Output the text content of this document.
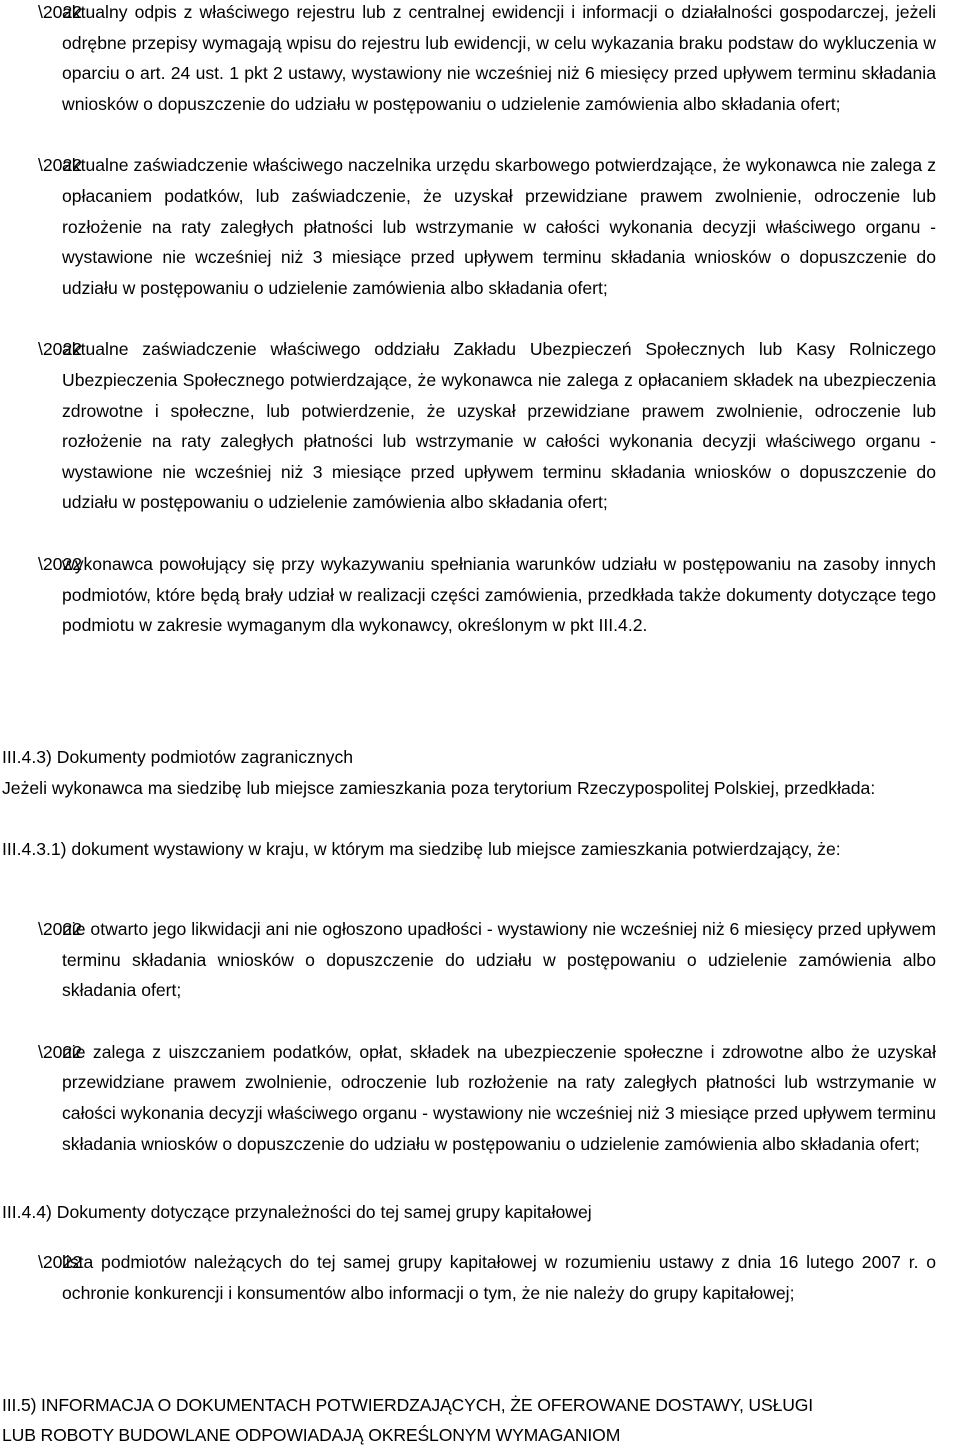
• aktualny odpis z właściwego rejestru lub z centralnej ewidencji i informacji o działalności gospodarczej, jeżeli odrębne przepisy wymagają wpisu do rejestru lub ewidencji, w celu wykazania braku podstaw do wykluczenia w oparciu o art. 24 ust. 1 pkt 2 ustawy, wystawiony nie wcześniej niż 6 miesięcy przed upływem terminu składania wniosków o dopuszczenie do udziału w postępowaniu o udzielenie zamówienia albo składania ofert;
• aktualne zaświadczenie właściwego naczelnika urzędu skarbowego potwierdzające, że wykonawca nie zalega z opłacaniem podatków, lub zaświadczenie, że uzyskał przewidziane prawem zwolnienie, odroczenie lub rozłożenie na raty zaległych płatności lub wstrzymanie w całości wykonania decyzji właściwego organu - wystawione nie wcześniej niż 3 miesiące przed upływem terminu składania wniosków o dopuszczenie do udziału w postępowaniu o udzielenie zamówienia albo składania ofert;
• aktualne zaświadczenie właściwego oddziału Zakładu Ubezpieczeń Społecznych lub Kasy Rolniczego Ubezpieczenia Społecznego potwierdzające, że wykonawca nie zalega z opłacaniem składek na ubezpieczenia zdrowotne i społeczne, lub potwierdzenie, że uzyskał przewidziane prawem zwolnienie, odroczenie lub rozłożenie na raty zaległych płatności lub wstrzymanie w całości wykonania decyzji właściwego organu - wystawione nie wcześniej niż 3 miesiące przed upływem terminu składania wniosków o dopuszczenie do udziału w postępowaniu o udzielenie zamówienia albo składania ofert;
• wykonawca powołujący się przy wykazywaniu spełniania warunków udziału w postępowaniu na zasoby innych podmiotów, które będą brały udział w realizacji części zamówienia, przedkłada także dokumenty dotyczące tego podmiotu w zakresie wymaganym dla wykonawcy, określonym w pkt III.4.2.
III.4.3) Dokumenty podmiotów zagranicznych
Jeżeli wykonawca ma siedzibę lub miejsce zamieszkania poza terytorium Rzeczypospolitej Polskiej, przedkłada:
III.4.3.1) dokument wystawiony w kraju, w którym ma siedzibę lub miejsce zamieszkania potwierdzający, że:
• nie otwarto jego likwidacji ani nie ogłoszono upadłości - wystawiony nie wcześniej niż 6 miesięcy przed upływem terminu składania wniosków o dopuszczenie do udziału w postępowaniu o udzielenie zamówienia albo składania ofert;
• nie zalega z uiszczaniem podatków, opłat, składek na ubezpieczenie społeczne i zdrowotne albo że uzyskał przewidziane prawem zwolnienie, odroczenie lub rozłożenie na raty zaległych płatności lub wstrzymanie w całości wykonania decyzji właściwego organu - wystawiony nie wcześniej niż 3 miesiące przed upływem terminu składania wniosków o dopuszczenie do udziału w postępowaniu o udzielenie zamówienia albo składania ofert;
III.4.4) Dokumenty dotyczące przynależności do tej samej grupy kapitałowej
• lista podmiotów należących do tej samej grupy kapitałowej w rozumieniu ustawy z dnia 16 lutego 2007 r. o ochronie konkurencji i konsumentów albo informacji o tym, że nie należy do grupy kapitałowej;
III.5) INFORMACJA O DOKUMENTACH POTWIERDZAJĄCYCH, ŻE OFEROWANE DOSTAWY, USŁUGI
LUB ROBOTY BUDOWLANE ODPOWIADAJĄ OKREŚLONYM WYMAGANIOM
